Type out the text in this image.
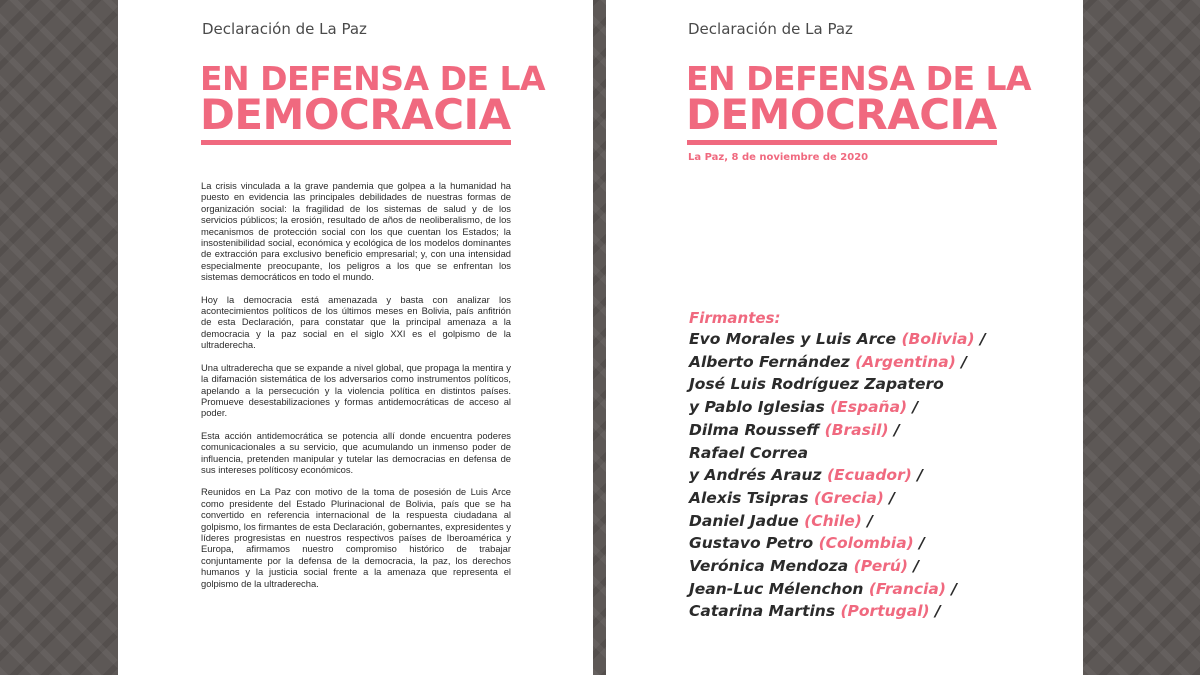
Declaración de La Paz
EN DEFENSA DE LA
DEMOCRACIA

La crisis vinculada a la grave pandemia que golpea a la humanidad ha puesto en evidencia las principales debilidades de nuestras formas de organización social: la fragilidad de los sistemas de salud y de los servicios públicos; la erosión, resultado de años de neoliberalismo, de los mecanismos de protección social con los que cuentan los Estados; la insostenibilidad social, económica y ecológica de los modelos dominantes de extracción para exclusivo beneficio empresarial; y, con una intensidad especialmente preocupante, los peligros a los que se enfrentan los sistemas democráticos en todo el mundo.

Hoy la democracia está amenazada y basta con analizar los acontecimientos políticos de los últimos meses en Bolivia, país anfitrión de esta Declaración, para constatar que la principal amenaza a la democracia y la paz social en el siglo XXI es el golpismo de la ultraderecha.

Una ultraderecha que se expande a nivel global, que propaga la mentira y la difamación sistemática de los adversarios como instrumentos políticos, apelando a la persecución y la violencia política en distintos países. Promueve desestabilizaciones y formas antidemocráticas de acceso al poder.

Esta acción antidemocrática se potencia allí donde encuentra poderes comunicacionales a su servicio, que acumulando un inmenso poder de influencia, pretenden manipular y tutelar las democracias en defensa de sus intereses políticosy económicos.

Reunidos en La Paz con motivo de la toma de posesión de Luis Arce como presidente del Estado Plurinacional de Bolivia, país que se ha convertido en referencia internacional de la respuesta ciudadana al golpismo, los firmantes de esta Declaración, gobernantes, expresidentes y líderes progresistas en nuestros respectivos países de Iberoamérica y Europa, afirmamos nuestro compromiso histórico de trabajar conjuntamente por la defensa de la democracia, la paz, los derechos humanos y la justicia social frente a la amenaza que representa el golpismo de la ultraderecha.

Declaración de La Paz
EN DEFENSA DE LA
DEMOCRACIA
La Paz, 8 de noviembre de 2020
Firmantes:
Evo Morales y Luis Arce (Bolivia) /
Alberto Fernández (Argentina) /
José Luis Rodríguez Zapatero
y Pablo Iglesias (España) /
Dilma Rousseff (Brasil) /
Rafael Correa
y Andrés Arauz (Ecuador) /
Alexis Tsipras (Grecia) /
Daniel Jadue (Chile) /
Gustavo Petro (Colombia) /
Verónica Mendoza (Perú) /
Jean-Luc Mélenchon (Francia) /
Catarina Martins (Portugal) /
